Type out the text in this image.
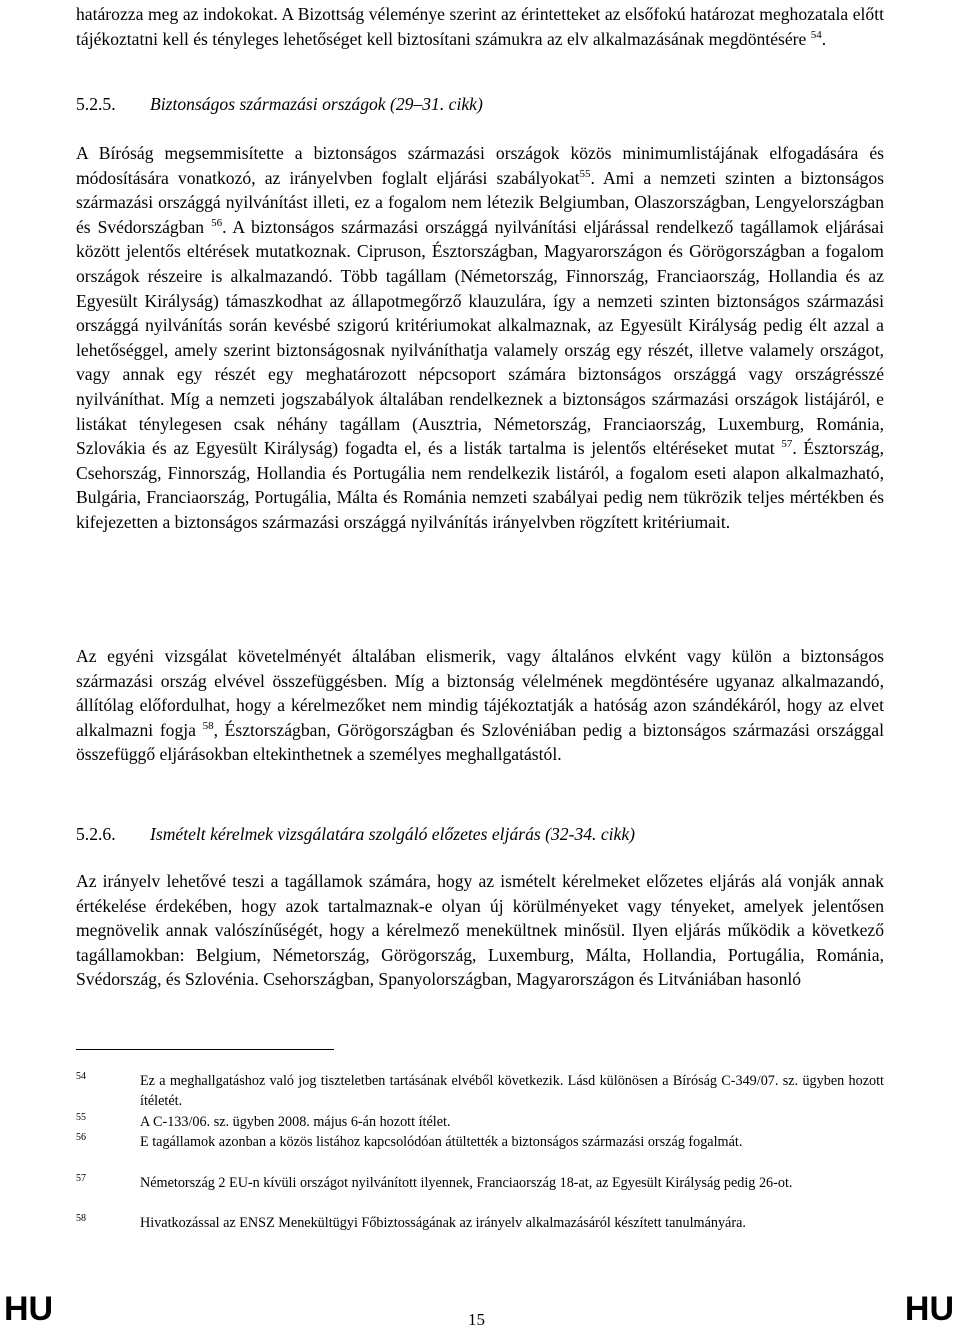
határozza meg az indokokat. A Bizottság véleménye szerint az érintetteket az elsőfokú határozat meghozatala előtt tájékoztatni kell és tényleges lehetőséget kell biztosítani számukra az elv alkalmazásának megdöntésére $^{54}$.

5.2.5. Biztonságos származási országok (29–31. cikk)

A Bíróság megsemmisítette a biztonságos származási országok közös minimumlistájának elfogadására és módosítására vonatkozó, az irányelvben foglalt eljárási szabályokat$^{55}$. Ami a nemzeti szinten a biztonságos származási országgá nyilvánítást illeti, ez a fogalom nem létezik Belgiumban, Olaszországban, Lengyelországban és Svédországban $^{56}$. A biztonságos származási országgá nyilvánítási eljárással rendelkező tagállamok eljárásai között jelentős eltérések mutatkoznak. Cipruson, Észtországban, Magyarországon és Görögországban a fogalom országok részeire is alkalmazandó. Több tagállam (Németország, Finnország, Franciaország, Hollandia és az Egyesült Királyság) támaszkodhat az állapotmegőrző klauzulára, így a nemzeti szinten biztonságos származási országgá nyilvánítás során kevésbé szigorú kritériumokat alkalmaznak, az Egyesült Királyság pedig élt azzal a lehetőséggel, amely szerint biztonságosnak nyilváníthatja valamely ország egy részét, illetve valamely országot, vagy annak egy részét egy meghatározott népcsoport számára biztonságos országgá vagy országrésszé nyilváníthat. Míg a nemzeti jogszabályok általában rendelkeznek a biztonságos származási országok listájáról, e listákat ténylegesen csak néhány tagállam (Ausztria, Németország, Franciaország, Luxemburg, Románia, Szlovákia és az Egyesült Királyság) fogadta el, és a listák tartalma is jelentős eltéréseket mutat $^{57}$. Észtország, Csehország, Finnország, Hollandia és Portugália nem rendelkezik listáról, a fogalom eseti alapon alkalmazható, Bulgária, Franciaország, Portugália, Málta és Románia nemzeti szabályai pedig nem tükrözik teljes mértékben és kifejezetten a biztonságos származási országgá nyilvánítás irányelvben rögzített kritériumait.

Az egyéni vizsgálat követelményét általában elismerik, vagy általános elvként vagy külön a biztonságos származási ország elvével összefüggésben. Míg a biztonság vélelmének megdöntésére ugyanaz alkalmazandó, állítólag előfordulhat, hogy a kérelmezőket nem mindig tájékoztatják a hatóság azon szándékáról, hogy az elvet alkalmazni fogja $^{58}$, Észtországban, Görögországban és Szlovéniában pedig a biztonságos származási országgal összefüggő eljárásokban eltekinthetnek a személyes meghallgatástól.

5.2.6. Ismételt kérelmek vizsgálatára szolgáló előzetes eljárás (32-34. cikk)

Az irányelv lehetővé teszi a tagállamok számára, hogy az ismételt kérelmeket előzetes eljárás alá vonják annak értékelése érdekében, hogy azok tartalmaznak-e olyan új körülményeket vagy tényeket, amelyek jelentősen megnövelik annak valószínűségét, hogy a kérelmező menekültnek minősül. Ilyen eljárás működik a következő tagállamokban: Belgium, Németország, Görögország, Luxemburg, Málta, Hollandia, Portugália, Románia, Svédország, és Szlovénia. Csehországban, Spanyolországban, Magyarországon és Litvániában hasonló

54	Ez a meghallgatáshoz való jog tiszteletben tartásának elvéből következik. Lásd különösen a Bíróság C-349/07. sz. ügyben hozott ítéletét.
55	A C-133/06. sz. ügyben 2008. május 6-án hozott ítélet.
56	E tagállamok azonban a közös listához kapcsolódóan átültették a biztonságos származási ország fogalmát.
57	Németország 2 EU-n kívüli országot nyilvánított ilyennek, Franciaország 18-at, az Egyesült Királyság pedig 26-ot.
58	Hivatkozással az ENSZ Menekültügyi Főbiztosságának az irányelv alkalmazásáról készített tanulmányára.
HU	15	HU
